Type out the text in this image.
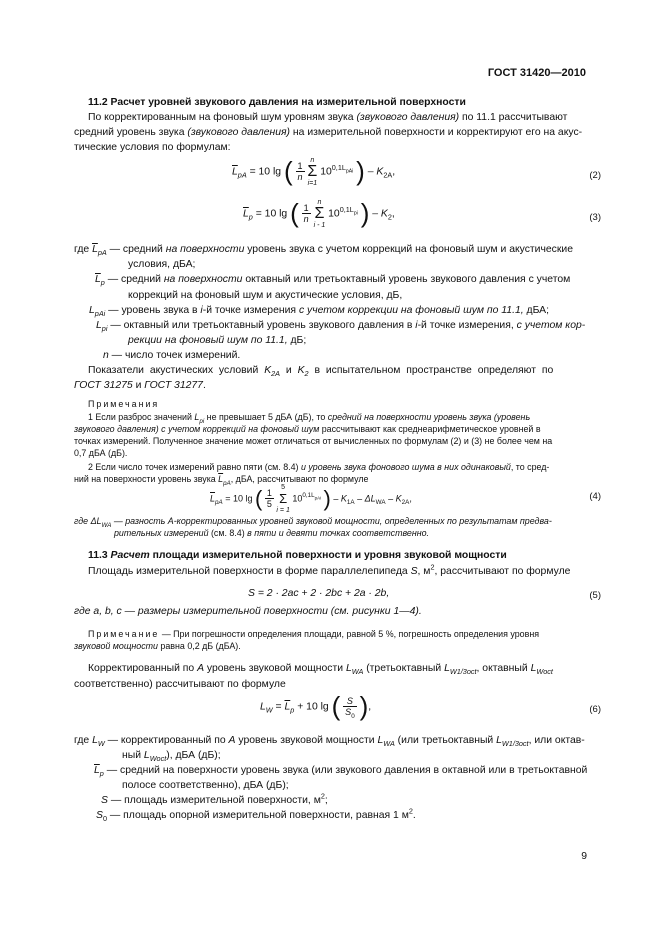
ГОСТ 31420—2010
11.2 Расчет уровней звукового давления на измерительной поверхности
По корректированным на фоновый шум уровням звука (звукового давления) по 11.1 рассчитывают
средний уровень звука (звукового давления) на измерительной поверхности и корректируют его на акус-
тические условия по формулам:
$\overline{L}_{pA} = 10$ lg ( $\frac{1}{n}$
n
Σ
i=1 $10^{0,1L_{pAi}}$ ) – $K_{2A}$,	(2)
$\overline{L}_p = 10$ lg ( $\frac{1}{n}$
n
Σ
i - 1 $10^{0,1L_{pi}}$ ) – $K_2$,	(3)
где $\overline{L}_{pA}$ — средний на поверхности уровень звука с учетом коррекций на фоновый шум и акустические
условия, дБА;
$\overline{L}_p$ — средний на поверхности октавный или третьоктавный уровень звукового давления с учетом
коррекций на фоновый шум и акустические условия, дБ,
$L_{pAi}$ — уровень звука в i-й точке измерения с учетом коррекции на фоновый шум по 11.1, дБА;
$L_{pi}$ — октавный или третьоктавный уровень звукового давления в i-й точке измерения, с учетом кор-
рекции на фоновый шум по 11.1, дБ;
n — число точек измерений.
Показатели акустических условий $K_{2A}$ и $K_2$ в испытательном пространстве определяют по
ГОСТ 31275 и ГОСТ 31277.
Примечания
1 Если разброс значений $L_{pi}$ не превышает 5 дБА (дБ), то средний на поверхности уровень звука (уровень
звукового давления) с учетом коррекций на фоновый шум рассчитывают как среднеарифметическое уровней в
точках измерений. Полученное значение может отличаться от вычисленных по формулам (2) и (3) не более чем на
0,7 дБА (дБ).
2 Если число точек измерений равно пяти (см. 8.4) и уровень звука фонового шума в них одинаковый, то сред-
ний на поверхности уровень звука $\overline{L}_{pA}$, дБА, рассчитывают по формуле
$\overline{L}_{pA} = 10$ lg ( $\frac{1}{5}$
5
Σ
i = 1 $10^{0,1L_{pAi}}$ ) – $K_{1A} - \Delta L_{WA} - K_{2A}$,	(4)
где $\Delta L_{WA}$ — разность A-корректированных уровней звуковой мощности, определенных по результатам предва-
рительных измерений (см. 8.4) в пяти и девяти точках соответственно.
11.3 Расчет площади измерительной поверхности и уровня звуковой мощности
Площадь измерительной поверхности в форме параллелепипеда S, $м^2$, рассчитывают по формуле
S = 2 · 2ac + 2 · 2bc + 2a · 2b,	(5)
где a, b, c — размеры измерительной поверхности (см. рисунки 1—4).
Примечание — При погрешности определения площади, равной 5 %, погрешность определения уровня
звуковой мощности равна 0,2 дБ (дБА).
Корректированный по A уровень звуковой мощности $L_{WA}$ (третьоктавный $L_{W1/3oct}$, октавный $L_{Woct}$
соответственно) рассчитывают по формуле
$L_W = \overline{L}_p + 10$ lg ( $\frac{S}{S_0}$ ),	(6)
где $L_W$ — корректированный по A уровень звуковой мощности $L_{WA}$ (или третьоктавный $L_{W1/3oct}$, или октав-
ный $L_{Woct}$), дБА (дБ);
$\overline{L}_p$ — средний на поверхности уровень звука (или звукового давления в октавной или в третьоктавной
полосе соответственно), дБА (дБ);
S — площадь измерительной поверхности, $м^2$;
$S_0$ — площадь опорной измерительной поверхности, равная 1 $м^2$.
9
